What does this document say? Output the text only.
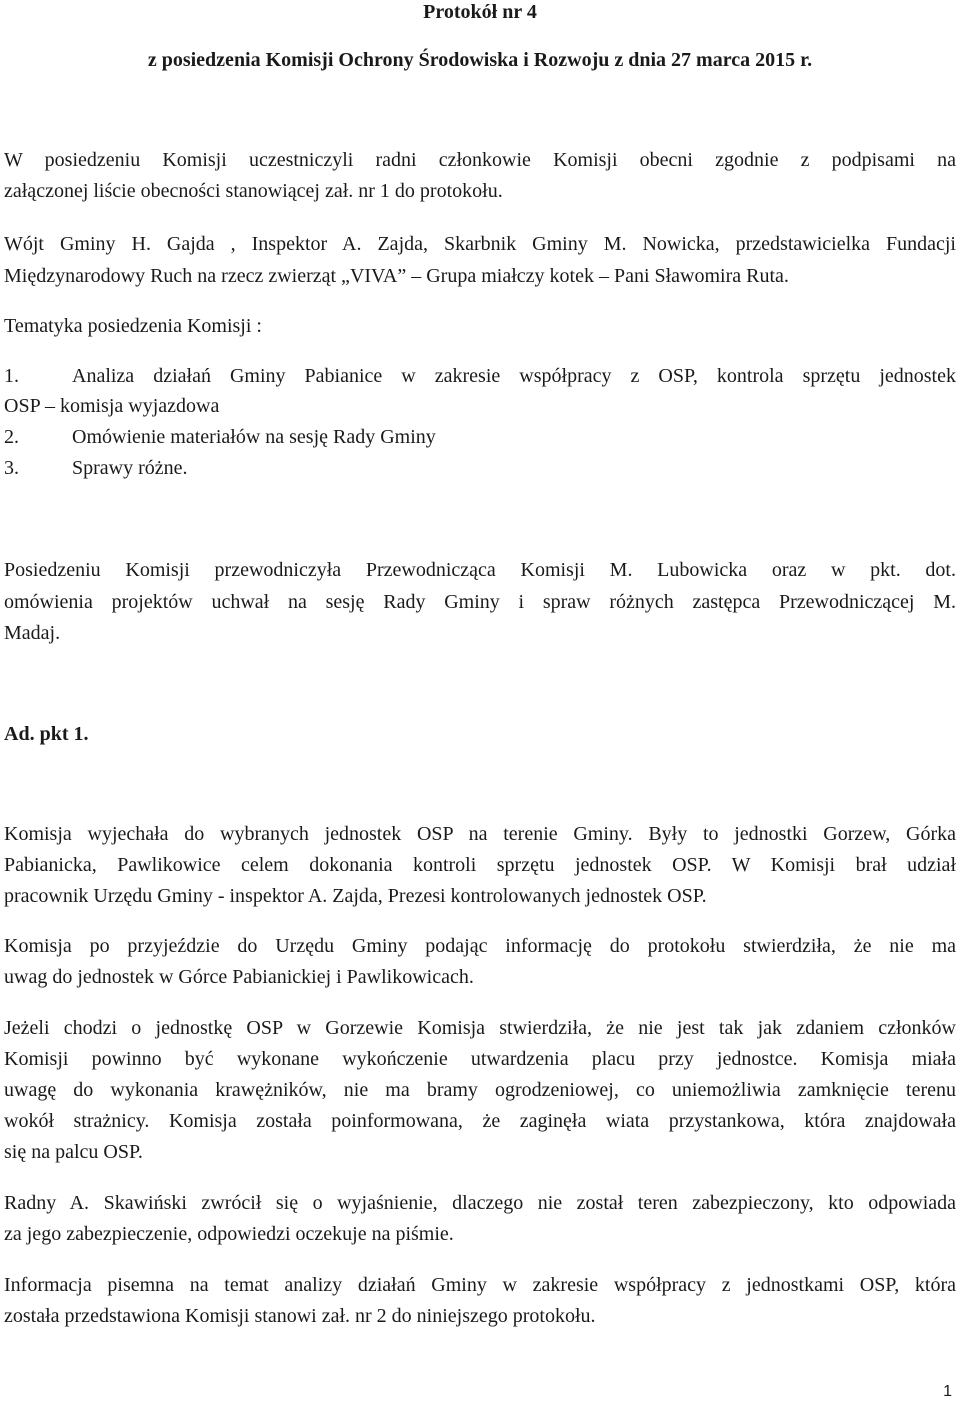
Protokół nr 4
z posiedzenia Komisji Ochrony Środowiska i Rozwoju z dnia 27 marca 2015 r.
W posiedzeniu Komisji uczestniczyli radni członkowie Komisji obecni zgodnie z podpisami na
załączonej liście obecności stanowiącej zał. nr 1 do protokołu.
Wójt Gminy H. Gajda , Inspektor A. Zajda, Skarbnik Gminy M. Nowicka, przedstawicielka Fundacji
Międzynarodowy Ruch na rzecz zwierząt „VIVA” – Grupa miałczy kotek – Pani Sławomira Ruta.
Tematyka posiedzenia Komisji :
1.	Analiza działań Gminy Pabianice w zakresie współpracy z OSP, kontrola sprzętu jednostek
OSP – komisja wyjazdowa
2.	Omówienie materiałów na sesję Rady Gminy
3.	Sprawy różne.
Posiedzeniu Komisji przewodniczyła Przewodnicząca Komisji M. Lubowicka oraz w pkt. dot.
omówienia projektów uchwał na sesję Rady Gminy i spraw różnych zastępca Przewodniczącej M.
Madaj.
Ad. pkt 1.
Komisja wyjechała do wybranych jednostek OSP na terenie Gminy. Były to jednostki Gorzew, Górka
Pabianicka, Pawlikowice celem dokonania kontroli sprzętu jednostek OSP. W Komisji brał udział
pracownik Urzędu Gminy - inspektor A. Zajda, Prezesi kontrolowanych jednostek OSP.
Komisja po przyjeździe do Urzędu Gminy podając informację do protokołu stwierdziła, że nie ma
uwag do jednostek w Górce Pabianickiej i Pawlikowicach.
Jeżeli chodzi o jednostkę OSP w Gorzewie Komisja stwierdziła, że nie jest tak jak zdaniem członków
Komisji powinno być wykonane wykończenie utwardzenia placu przy jednostce. Komisja miała
uwagę do wykonania krawężników, nie ma bramy ogrodzeniowej, co uniemożliwia zamknięcie terenu
wokół strażnicy. Komisja została poinformowana, że zaginęła wiata przystankowa, która znajdowała
się na palcu OSP.
Radny A. Skawiński zwrócił się o wyjaśnienie, dlaczego nie został teren zabezpieczony, kto odpowiada
za jego zabezpieczenie, odpowiedzi oczekuje na piśmie.
Informacja pisemna na temat analizy działań Gminy w zakresie współpracy z jednostkami OSP, która
została przedstawiona Komisji stanowi zał. nr 2 do niniejszego protokołu.
1
